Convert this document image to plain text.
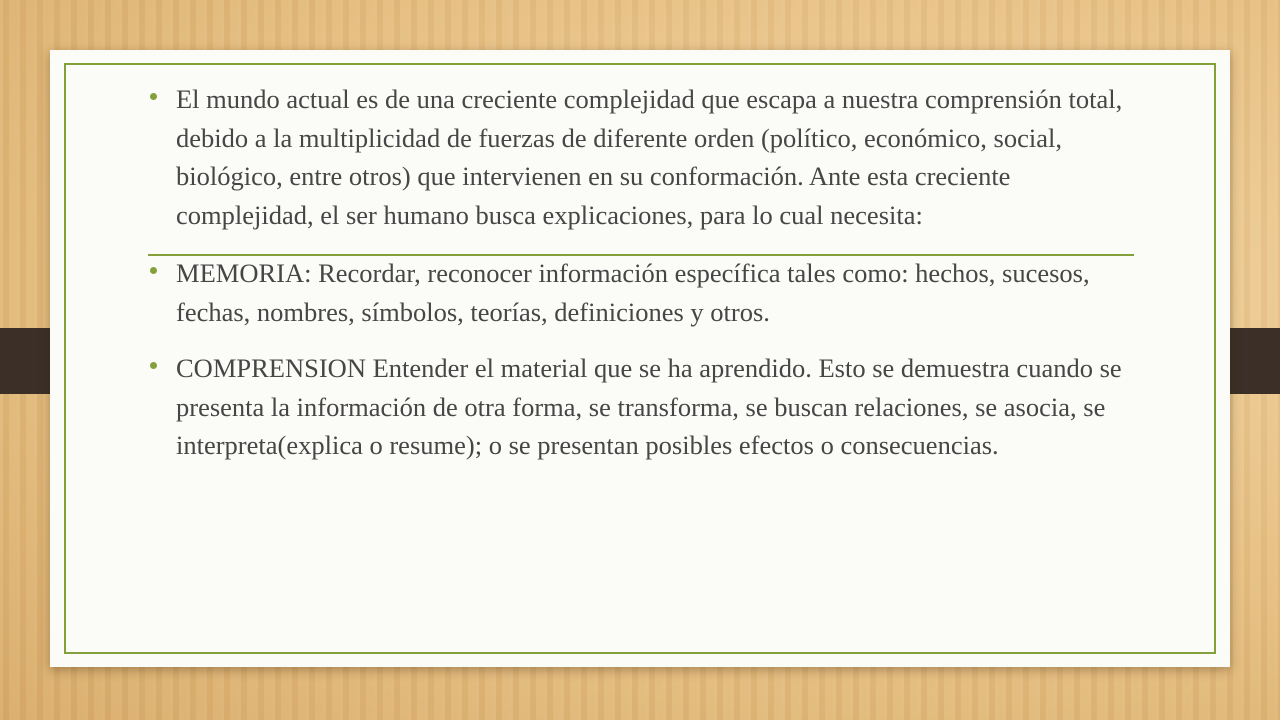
El mundo actual es de una creciente complejidad que escapa a nuestra comprensión total, debido a la multiplicidad de fuerzas de diferente orden (político, económico, social, biológico, entre otros) que intervienen en su conformación. Ante esta creciente complejidad, el ser humano busca explicaciones, para lo cual necesita:
MEMORIA: Recordar, reconocer información específica tales como: hechos, sucesos, fechas, nombres, símbolos, teorías, definiciones y otros.
COMPRENSION Entender el material que se ha aprendido. Esto se demuestra cuando se presenta la información de otra forma, se transforma, se buscan relaciones, se asocia, se interpreta(explica o resume); o se presentan posibles efectos o consecuencias.
